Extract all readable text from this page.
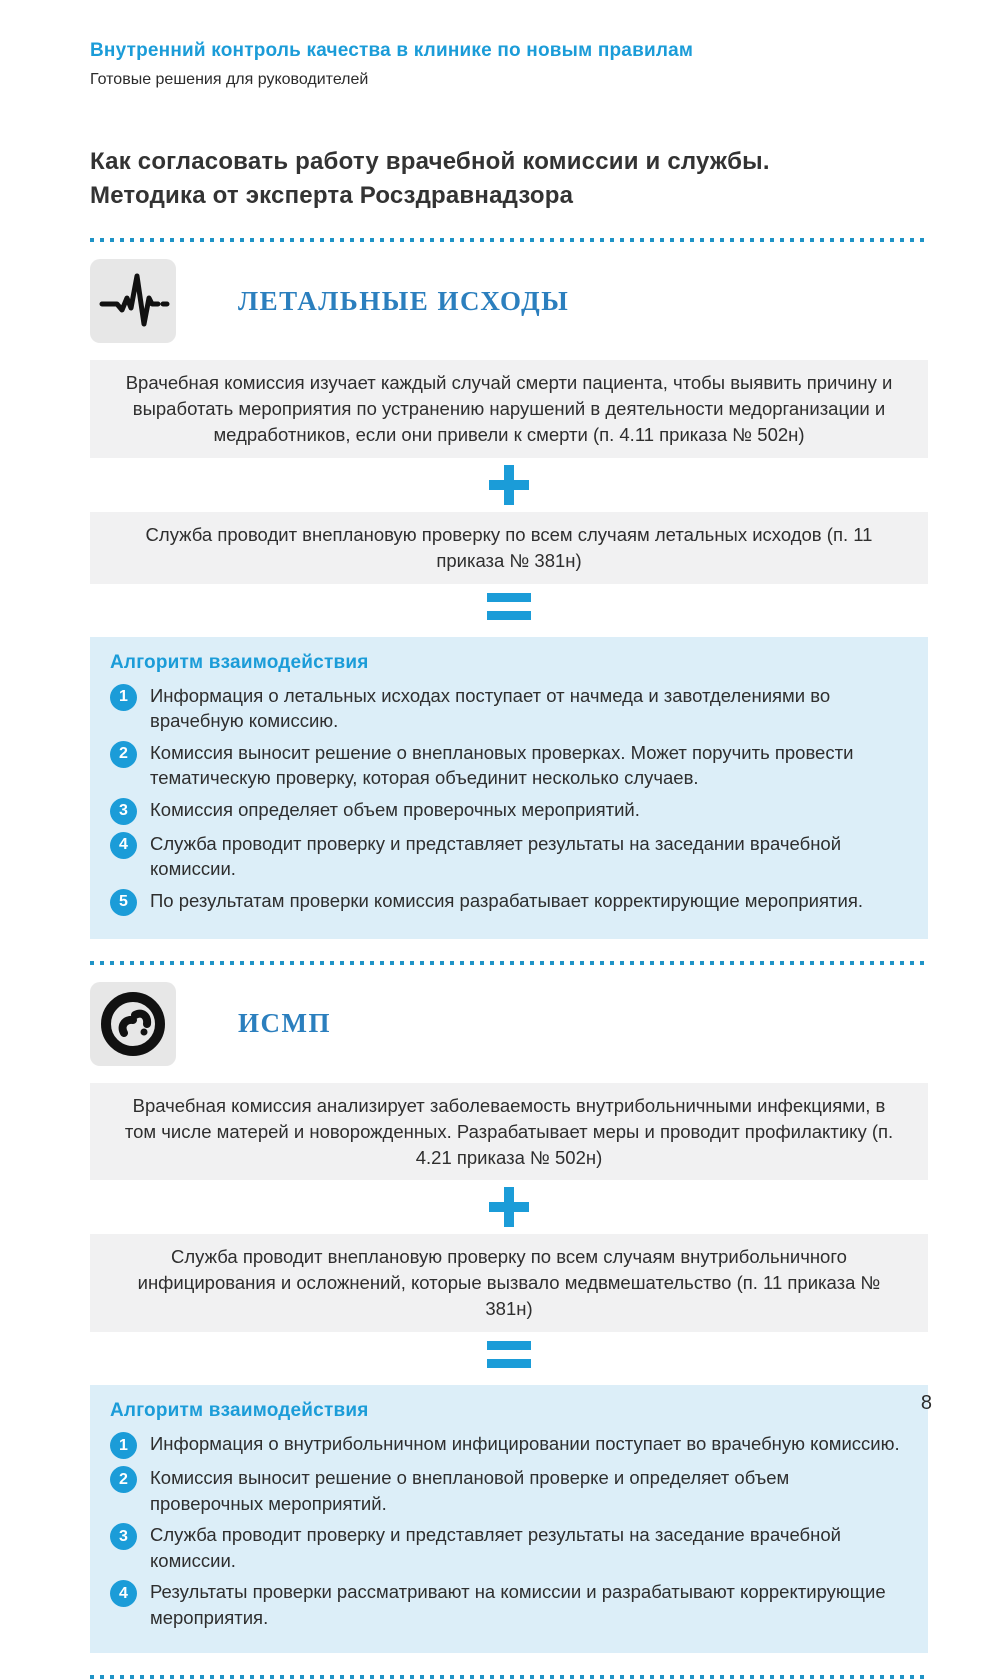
Внутренний контроль качества в клинике по новым правилам
Готовые решения для руководителей
Как согласовать работу врачебной комиссии и службы.
Методика от эксперта Росздравнадзора
ЛЕТАЛЬНЫЕ ИСХОДЫ
Врачебная комиссия изучает каждый случай смерти пациента, чтобы выявить причину и выработать мероприятия по устранению нарушений в деятельности медорганизации и медработников, если они привели к смерти (п. 4.11 приказа № 502н)
Служба проводит внеплановую проверку по всем случаям летальных исходов (п. 11 приказа № 381н)
Алгоритм взаимодействия
1	Информация о летальных исходах поступает от начмеда и завотделениями во врачебную комиссию.
2	Комиссия выносит решение о внеплановых проверках. Может поручить провести тематическую проверку, которая объединит несколько случаев.
3	Комиссия определяет объем проверочных мероприятий.
4	Служба проводит проверку и представляет результаты на заседании врачебной комиссии.
5	По результатам проверки комиссия разрабатывает корректирующие мероприятия.
ИСМП
Врачебная комиссия анализирует заболеваемость внутрибольничными инфекциями, в том числе матерей и новорожденных. Разрабатывает меры и проводит профилактику (п. 4.21 приказа № 502н)
Служба проводит внеплановую проверку по всем случаям внутрибольничного инфицирования и осложнений, которые вызвало медвмешательство (п. 11 приказа № 381н)
Алгоритм взаимодействия
1	Информация о внутрибольничном инфицировании поступает во врачебную комиссию.
2	Комиссия выносит решение о внеплановой проверке и определяет объем проверочных мероприятий.
3	Служба проводит проверку и представляет результаты на заседание врачебной комиссии.
4	Результаты проверки рассматривают на комиссии и разрабатывают корректирующие мероприятия.
8
